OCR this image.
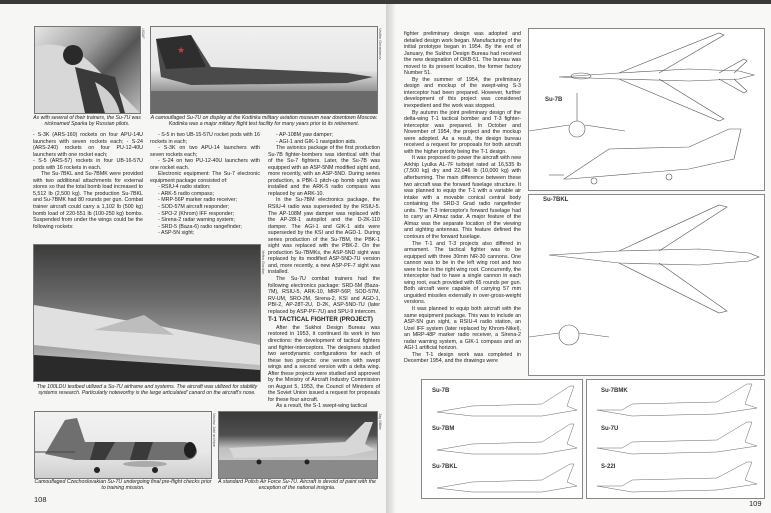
USAF
As with several of their trainers, the Su-7U was nicknamed Sparka by Russian pilots.
★	Vadim Gerasimov
A camouflaged Su-7U on display at the Kodinka military aviation museum near downtown Moscow. Kodinka was a major military flight test facility for many years prior to its retirement.

- S-3K (ARS-160) rockets on four APU-14U launchers with seven rockets each; - S-24 (ARS-240) rockets on four PU-12-40U launchers with one rocket each;

- S-5 (ARS-57) rockets in four UB-16-57U pods with 16 rockets in each.

The Su-7BKL and Su-7BMK were provided with two additional attachments for external stores so that the total bomb load increased to 5,512 lb (2,500 kg). The production Su-7BKL and Su-7BMK had 80 rounds per gun. Combat trainer aircraft could carry a 1,102 lb (500 kg) bomb load of 220-551 lb (100-250 kg) bombs. Suspended from under the wings could be the following rockets:

- S-5 in two UB-15-57U rocket pods with 16 rockets in each;

- S-3K on two APU-14 launchers with seven rockets each;

- S-24 on two PU-12-40U launchers with one rocket each.

Electronic equipment: The Su-7 electronic equipment package consisted of:

- RSIU-4 radio station;

- ARK-5 radio compass;

- MRP-56P marker radio receiver;

- SOD-57M aircraft responder;

- SPO-2 (Khrom) IFF responder;

- Sirena-2 radar warning system;

- SRD-5 (Baza-6) radio rangefinder;

- ASP-5N sight;

- AP-108M yaw damper;

- AGI-1 and GIK-1 navigation aids.

The avionics package of the first production Su-7B fighter-bombers was identical with that of the Su-7 fighters. Later, the Su-7B was equipped with an ASP-5NM modified sight and, more recently, with an ASP-5ND. During series production, a PBK-1 pitch-up bomb sight was installed and the ARK-5 radio compass was replaced by an ARK-10.

In the Su-7BM electronics package, the RSIU-4 radio was superseded by the RSIU-5. The AP-108M yaw damper was replaced with the AP-28I-1 autopilot and the D-2K-110 damper. The AGI-1 and GIK-1 aids were superseded by the KSI and the AGD-1. During series production of the Su-7BM, the PBK-1 sight was replaced with the PBK-2. On the production Su-7BMKs, the ASP-5ND sight was replaced by its modified ASP-5ND-7U version and, more recently, a new ASP-PF-7 sight was installed.

The Su-7U combat trainers had the following electronics package: SRD-5M (Baza-7M), RSIU-5, ARK-10, MRP-56P, SOD-57M, RV-UM, SRO-2M, Sirena-2, KSI and AGD-1, PBI-2, AP-28T-2U, D-2K, ASP-5ND-7U (later replaced by ASP-PF-7U) and SPU-9 intercom.

T-1 TACTICAL FIGHTER (PROJECT)

After the Sukhoi Design Bureau was restored in 1953, it continued its work in two directions: the development of tactical fighters and fighter-interceptors. The designers studied two aerodynamic configurations for each of these two projects: one version with swept wings and a second version with a delta wing. After these projects were studied and approved by the Ministry of Aircraft Industry Commission on August 5, 1953, the Council of Ministers of the Soviet Union issued a request for proposals for these four aircraft.

As a result, the S-1 swept-wing tactical

Yefim Gordon
The 100LDU testbed utilized a Su-7U airframe and systems. The aircraft was utilized for stability systems research. Particularly noteworthy is the large articulated' canard on the aircraft's nose.
Vaclav Jukl archive
Camouflaged Czechoslovakian Su-7U undergoing final pre-flight checks prior to training mission.
A standard Polish Air Force Su-7U. Aircraft is devoid of paint with the exception of the national insignia.
Jay Miller
108

fighter preliminary design was adopted and detailed design work began. Manufacturing of the initial prototype began in 1954. By the end of January, the Sukhoi Design Bureau had received the new designation of OKB-51. The bureau was moved to its present location, the former factory Number 51.

By the summer of 1954, the preliminary design and mockup of the swept-wing S-3 interceptor had been prepared. However, further development of this project was considered inexpedient and the work was stopped.

By autumn the joint preliminary design of the delta-wing T-1 tactical bomber and T-3 fighter-interceptor was prepared. In October and November of 1954, the project and the mockup were adopted. As a result, the design bureau received a request for proposals for both aircraft with the higher priority being the T-1 design.

It was proposed to power the aircraft with new Arkhip Lyulka AL-7F turbojet rated at 16,535 lb (7,500 kg) dry and 22,046 lb (10,000 kg) with afterburning. The main difference between these two aircraft was the forward fuselage structure. It was planned to equip the T-1 with a variable air intake with a movable conical central body containing the SRD-3 Grad radio rangefinder units. The T-3 interceptor's forward fuselage had to carry an Almaz radar. A major feature of the Almaz was the separate location of the viewing and sighting antennas. This feature defined the contours of the forward fuselage.

The T-1 and T-3 projects also differed in armament. The tactical fighter was to be equipped with three 30mm NR-30 cannons. One cannon was to be in the left wing root and two were to be in the right wing root. Concurrently, the interceptor had to have a single cannon in each wing root, each provided with 65 rounds per gun. Both aircraft were capable of carrying 57 mm unguided missiles externally in over-gross-weight versions.

It was planned to equip both aircraft with the same equipment package. This was to include an ASP-5N gun sight, a RSIU-4 radio station, an Uzel IFF system (later replaced by Khrom-Nikel), an MRP-48P marker radio receiver, a Sirena-2 radar warning system, a GIK-1 compass and an AGI-1 artificial horizon.

The T-1 design work was completed in December 1954, and the drawings were

Su-7B
Su-7BKL
Su-7B
Su-7BM
Su-7BKL
Su-7BMK
Su-7U
S-22I
109
